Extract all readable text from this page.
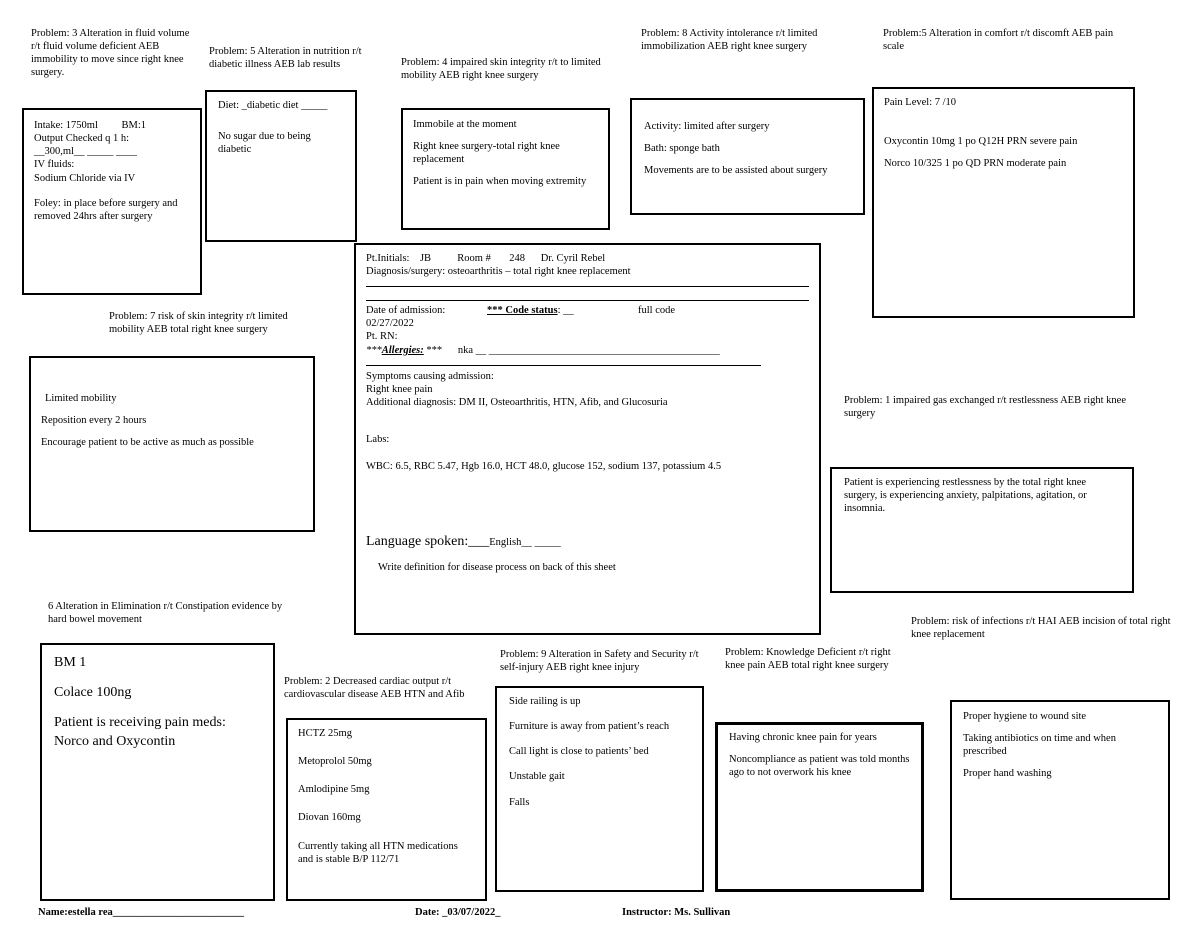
Problem: 3 Alteration in fluid volume r/t fluid volume deficient AEB immobility to move since right knee surgery.
Intake: 1750ml BM:1
Output Checked q 1 h:
__300,ml__ _____ ____
IV fluids:
Sodium Chloride via IV
Foley: in place before surgery and removed 24hrs after surgery
Problem: 5 Alteration in nutrition r/t diabetic illness AEB lab results

Diet: _diabetic diet _____

No sugar due to being diabetic

Problem: 4 impaired skin integrity r/t to limited mobility AEB right knee surgery

Immobile at the moment

Right knee surgery-total right knee replacement

Patient is in pain when moving extremity

Problem: 8 Activity intolerance r/t limited immobilization AEB right knee surgery

Activity: limited after surgery

Bath: sponge bath

Movements are to be assisted about surgery

Problem:5 Alteration in comfort r/t discomft AEB pain scale

Pain Level: 7 /10

Oxycontin 10mg 1 po Q12H PRN severe pain

Norco 10/325 1 po QD PRN moderate pain

Pt.Initials:    JB          Room #       248      Dr. Cyril Rebel
Diagnosis/surgery: osteoarthritis – total right knee replacement
Date of admission:	*** Code status: __	full code
02/27/2022
Pt. RN:
***Allergies: ***      nka __ ____________________________________________
Symptoms causing admission:
Right knee pain
Additional diagnosis: DM II, Osteoarthritis, HTN, Afib, and Glucosuria
Labs:
WBC: 6.5, RBC 5.47, Hgb 16.0, HCT 48.0, glucose 152, sodium 137, potassium 4.5
Language spoken:___English__ _____
Write definition for disease process on back of this sheet
Problem: 7 risk of skin integrity r/t limited mobility AEB total right knee surgery

Limited mobility

Reposition every 2 hours

Encourage patient to be active as much as possible

Problem: 1 impaired gas exchanged r/t restlessness AEB right knee surgery
Patient is experiencing restlessness by the total right knee surgery, is experiencing anxiety, palpitations, agitation, or insomnia.
6 Alteration in Elimination r/t Constipation evidence by hard bowel movement

BM 1

Colace 100ng

Patient is receiving pain meds: Norco and Oxycontin

Problem: 2 Decreased cardiac output r/t cardiovascular disease AEB HTN and Afib

HCTZ 25mg

Metoprolol 50mg

Amlodipine 5mg

Diovan 160mg

Currently taking all HTN medications and is stable B/P 112/71

Problem: 9 Alteration in Safety and Security r/t self-injury AEB right knee injury

Side railing is up

Furniture is away from patient’s reach

Call light is close to patients’ bed

Unstable gait

Falls

Problem: Knowledge Deficient r/t right knee pain AEB total right knee surgery

Having chronic knee pain for years

Noncompliance as patient was told months ago to not overwork his knee

Problem: risk of infections r/t HAI AEB incision of total right knee replacement

Proper hygiene to wound site

Taking antibiotics on time and when prescribed

Proper hand washing

Name:estella rea_________________________	Date: _03/07/2022_	Instructor: Ms. Sullivan
